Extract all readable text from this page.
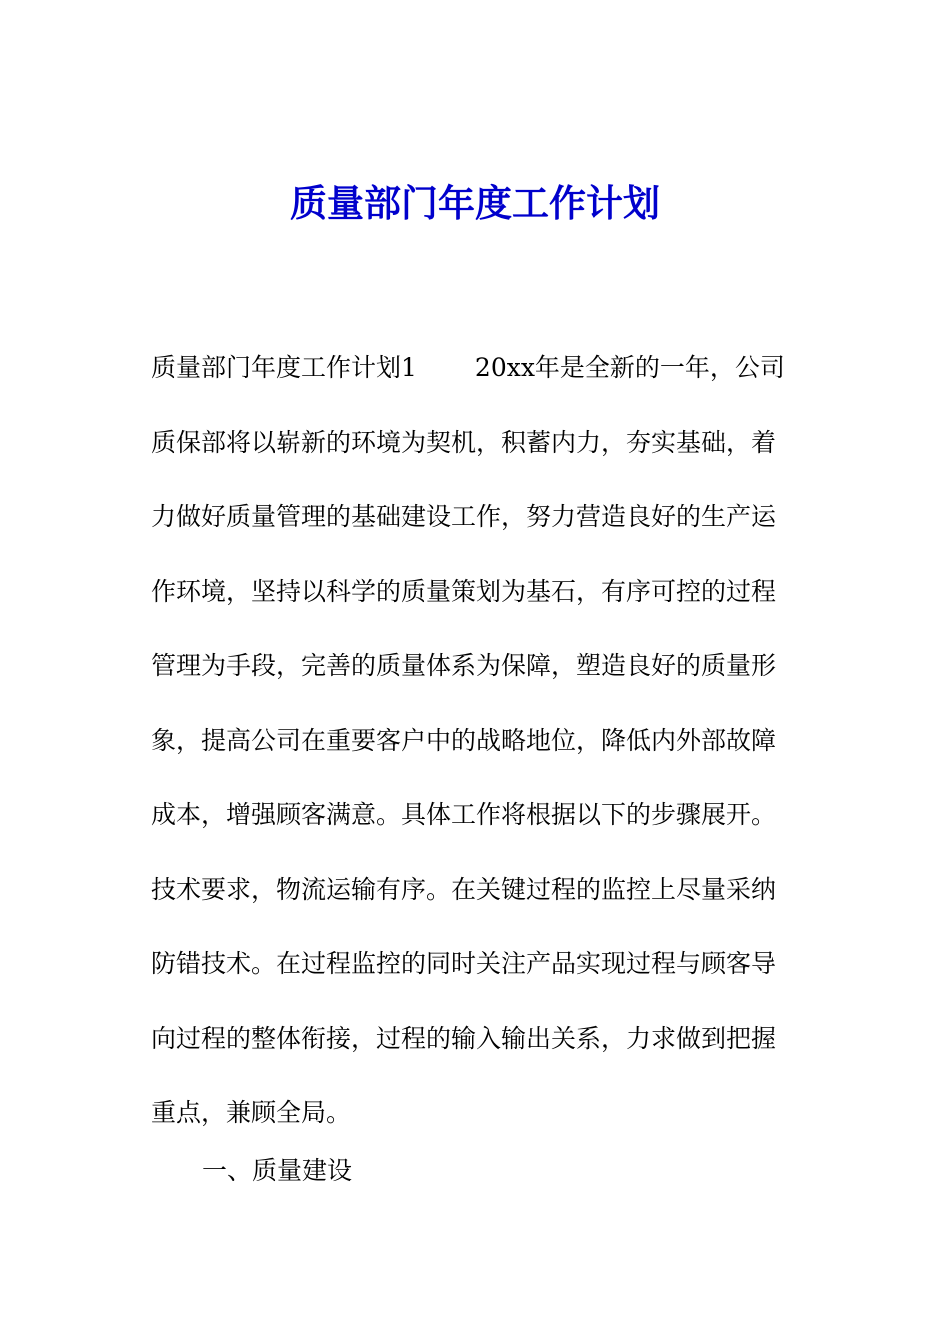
质量部门年度工作计划
质量部门年度工作计划1 20xx年是全新的一年，公司
质保部将以崭新的环境为契机，积蓄内力，夯实基础，着
力做好质量管理的基础建设工作，努力营造良好的生产运
作环境，坚持以科学的质量策划为基石，有序可控的过程
管理为手段，完善的质量体系为保障，塑造良好的质量形
象，提高公司在重要客户中的战略地位，降低内外部故障
成本，增强顾客满意。具体工作将根据以下的步骤展开。
技术要求，物流运输有序。在关键过程的监控上尽量采纳
防错技术。在过程监控的同时关注产品实现过程与顾客导
向过程的整体衔接，过程的输入输出关系，力求做到把握
重点，兼顾全局。

一、质量建设
